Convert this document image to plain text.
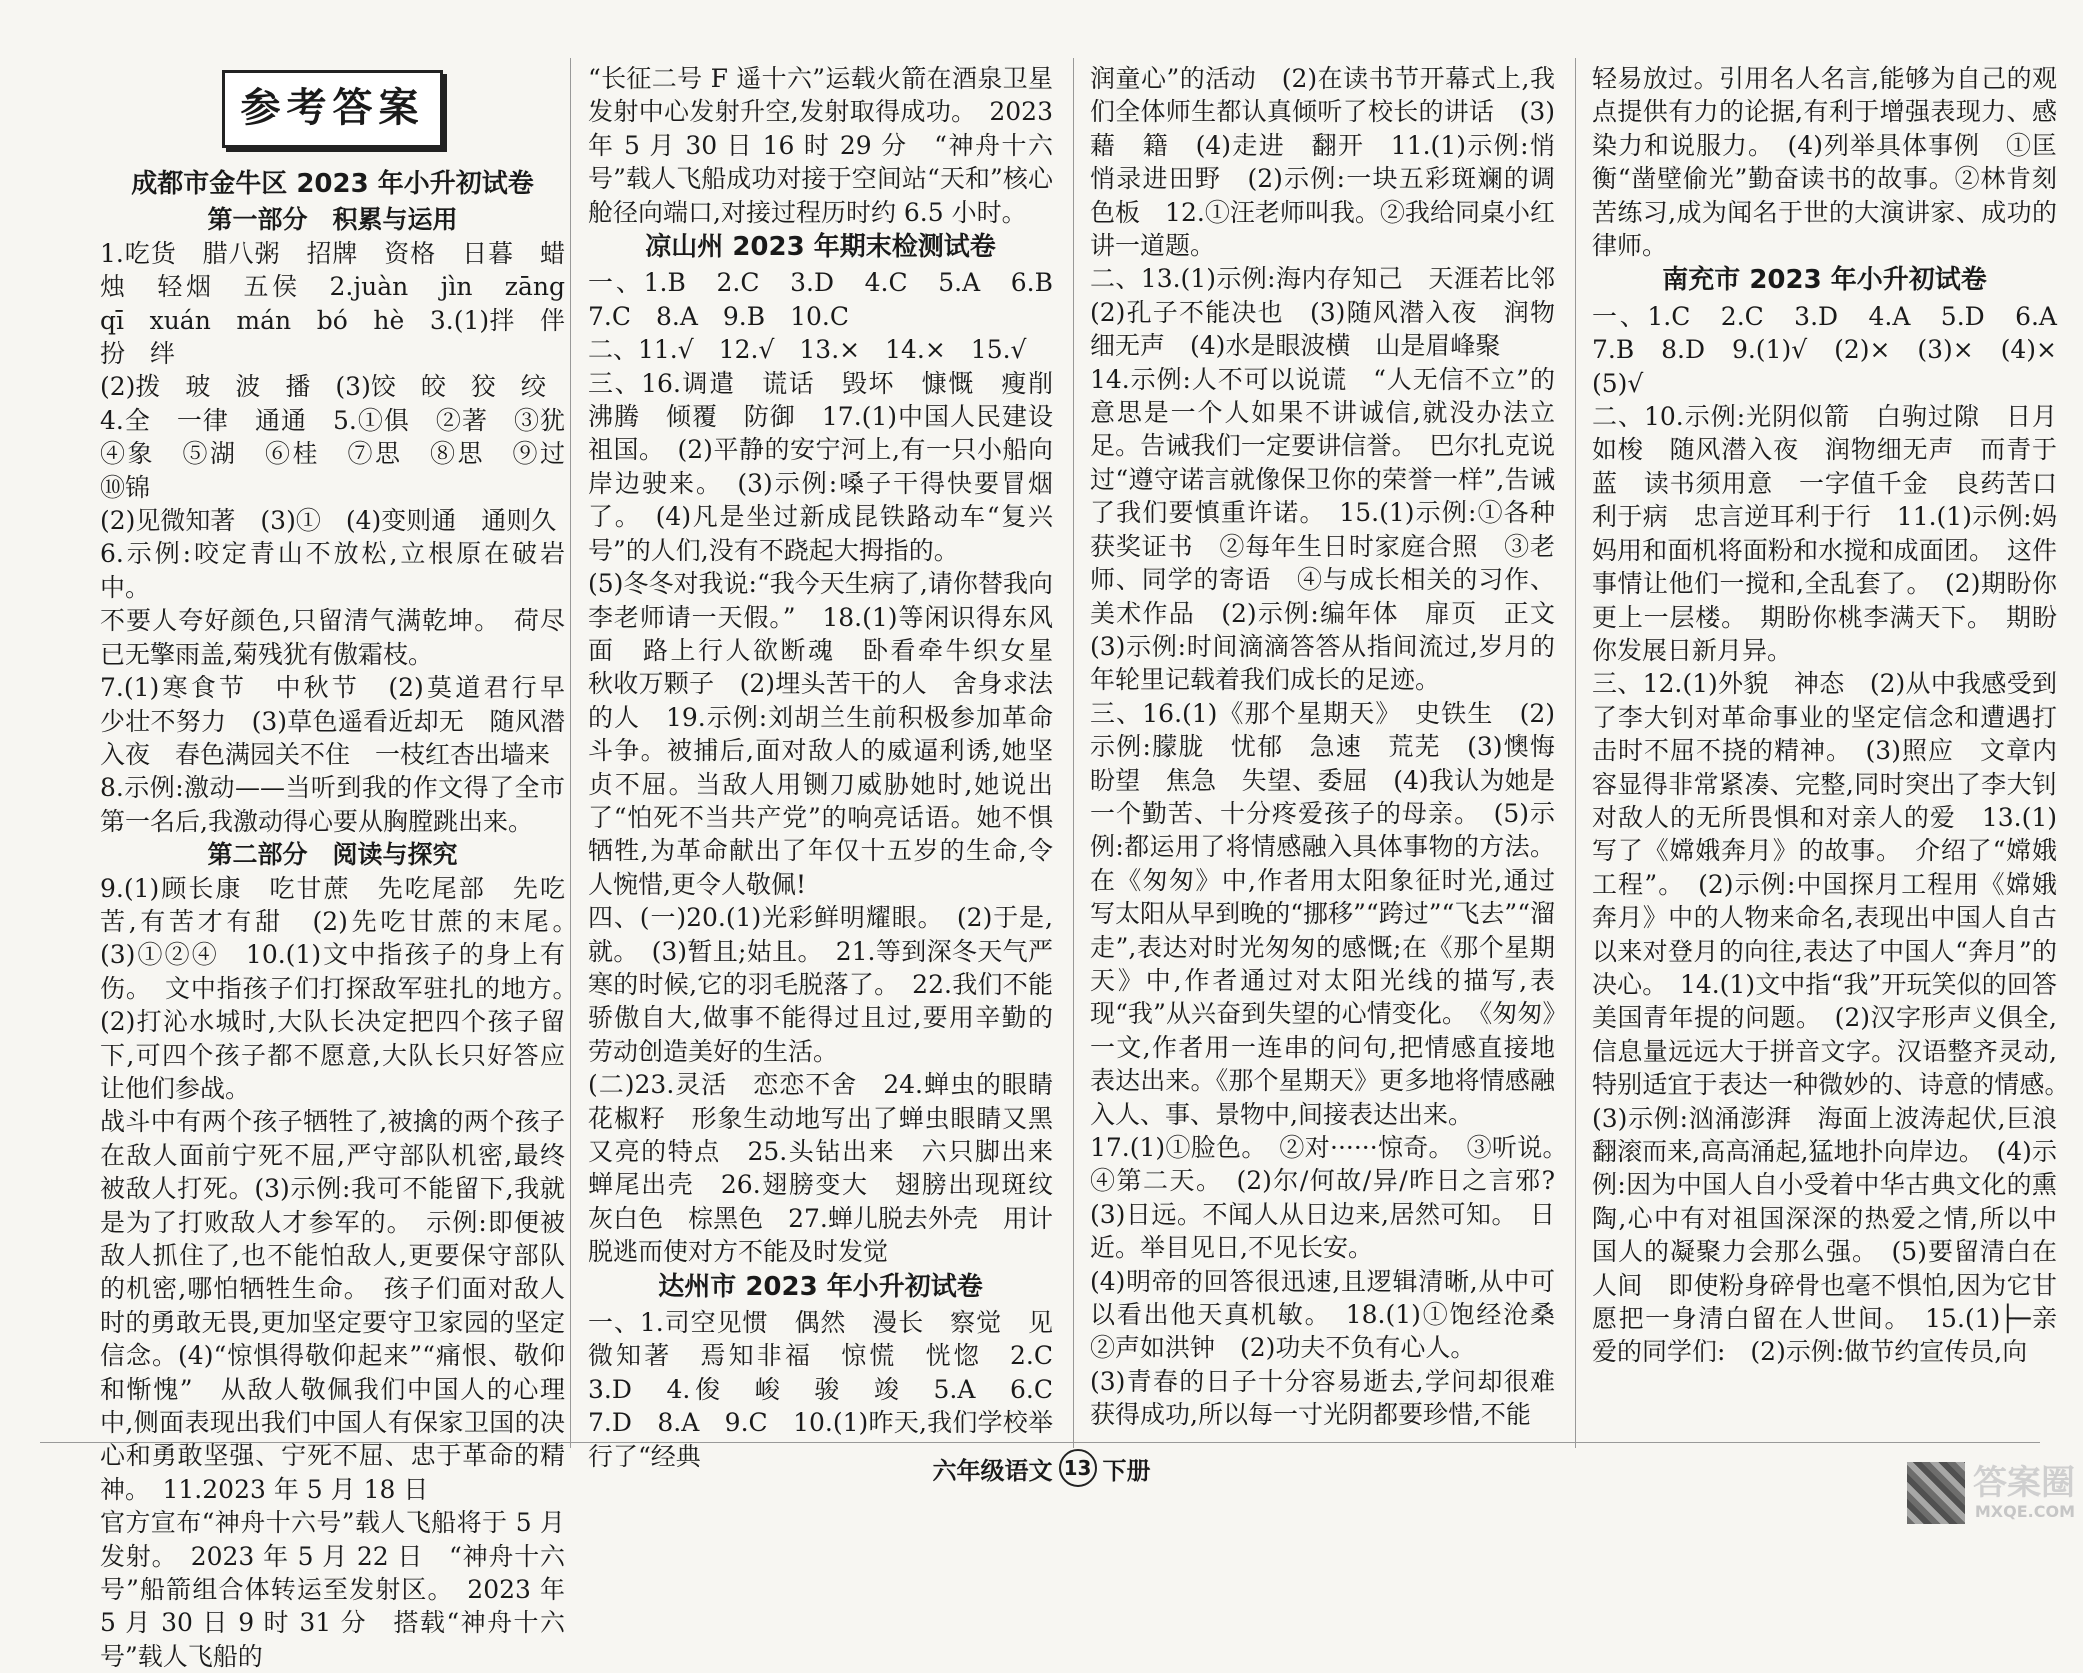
参考答案
成都市金牛区 2023 年小升初试卷
第一部分　积累与运用

1.吃货　腊八粥　招牌　资格　日暮　蜡烛　轻烟　五侯　2.juàn　jìn　zāng　qī　xuán　mán　bó　hè　3.(1)拌　伴　扮　绊

(2)拨　玻　波　播　(3)饺　皎　狡　绞

4.全　一律　通通　5.①俱　②著　③犹　④象　⑤湖　⑥桂　⑦思　⑧思　⑨过　⑩锦

(2)见微知著　(3)①　(4)变则通　通则久

6.示例:咬定青山不放松,立根原在破岩中。

不要人夸好颜色,只留清气满乾坤。　荷尽已无擎雨盖,菊残犹有傲霜枝。

7.(1)寒食节　中秋节　(2)莫道君行早　少壮不努力　(3)草色遥看近却无　随风潜入夜　春色满园关不住　一枝红杏出墙来

8.示例:激动——当听到我的作文得了全市第一名后,我激动得心要从胸膛跳出来。

第二部分　阅读与探究

9.(1)顾长康　吃甘蔗　先吃尾部　先吃苦,有苦才有甜　(2)先吃甘蔗的末尾。　(3)①②④　10.(1)文中指孩子的身上有伤。　文中指孩子们打探敌军驻扎的地方。　(2)打沁水城时,大队长决定把四个孩子留下,可四个孩子都不愿意,大队长只好答应让他们参战。

战斗中有两个孩子牺牲了,被擒的两个孩子在敌人面前宁死不屈,严守部队机密,最终被敌人打死。(3)示例:我可不能留下,我就是为了打败敌人才参军的。　示例:即便被敌人抓住了,也不能怕敌人,更要保守部队的机密,哪怕牺牲生命。　孩子们面对敌人时的勇敢无畏,更加坚定要守卫家园的坚定信念。(4)“惊惧得敬仰起来”“痛恨、敬仰和惭愧”　从敌人敬佩我们中国人的心理中,侧面表现出我们中国人有保家卫国的决心和勇敢坚强、宁死不屈、忠于革命的精神。　11.2023 年 5 月 18 日

官方宣布“神舟十六号”载人飞船将于 5 月发射。　2023 年 5 月 22 日　“神舟十六号”船箭组合体转运至发射区。　2023 年 5 月 30 日 9 时 31 分　搭载“神舟十六号”载人飞船的

“长征二号 F 遥十六”运载火箭在酒泉卫星发射中心发射升空,发射取得成功。　2023 年 5 月 30 日 16 时 29 分　“神舟十六号”载人飞船成功对接于空间站“天和”核心舱径向端口,对接过程历时约 6.5 小时。

凉山州 2023 年期末检测试卷

一、1.B　2.C　3.D　4.C　5.A　6.B　7.C　8.A　9.B　10.C

二、11.√　12.√　13.×　14.×　15.√

三、16.调遣　谎话　毁坏　慷慨　瘦削　沸腾　倾覆　防御　17.(1)中国人民建设祖国。　(2)平静的安宁河上,有一只小船向岸边驶来。　(3)示例:嗓子干得快要冒烟了。　(4)凡是坐过新成昆铁路动车“复兴号”的人们,没有不跷起大拇指的。

(5)冬冬对我说:“我今天生病了,请你替我向李老师请一天假。”　18.(1)等闲识得东风面　路上行人欲断魂　卧看牵牛织女星　秋收万颗子　(2)埋头苦干的人　舍身求法的人　19.示例:刘胡兰生前积极参加革命斗争。被捕后,面对敌人的威逼利诱,她坚贞不屈。当敌人用铡刀威胁她时,她说出了“怕死不当共产党”的响亮话语。她不惧牺牲,为革命献出了年仅十五岁的生命,令人惋惜,更令人敬佩!

四、(一)20.(1)光彩鲜明耀眼。　(2)于是,就。　(3)暂且;姑且。　21.等到深冬天气严寒的时候,它的羽毛脱落了。　22.我们不能骄傲自大,做事不能得过且过,要用辛勤的劳动创造美好的生活。

(二)23.灵活　恋恋不舍　24.蝉虫的眼睛花椒籽　形象生动地写出了蝉虫眼睛又黑又亮的特点　25.头钻出来　六只脚出来　蝉尾出壳　26.翅膀变大　翅膀出现斑纹　灰白色　棕黑色　27.蝉儿脱去外壳　用计脱逃而使对方不能及时发觉

达州市 2023 年小升初试卷

一、1.司空见惯　偶然　漫长　察觉　见微知著　焉知非福　惊慌　恍惚　2.C　3.D　4.俊　峻　骏　竣　5.A　6.C　7.D　8.A　9.C　10.(1)昨天,我们学校举行了“经典

润童心”的活动　(2)在读书节开幕式上,我们全体师生都认真倾听了校长的讲话　(3)藉　籍　(4)走进　翻开　11.(1)示例:悄悄录进田野　(2)示例:一块五彩斑斓的调色板　12.①汪老师叫我。②我给同桌小红讲一道题。

二、13.(1)示例:海内存知己　天涯若比邻　(2)孔子不能决也　(3)随风潜入夜　润物细无声　(4)水是眼波横　山是眉峰聚

14.示例:人不可以说谎　“人无信不立”的意思是一个人如果不讲诚信,就没办法立足。告诫我们一定要讲信誉。　巴尔扎克说过“遵守诺言就像保卫你的荣誉一样”,告诫了我们要慎重许诺。　15.(1)示例:①各种获奖证书　②每年生日时家庭合照　③老师、同学的寄语　④与成长相关的习作、美术作品　(2)示例:编年体　扉页　正文　(3)示例:时间滴滴答答从指间流过,岁月的年轮里记载着我们成长的足迹。

三、16.(1)《那个星期天》　史铁生　(2)示例:朦胧　忧郁　急速　荒芜　(3)懊悔　盼望　焦急　失望、委屈　(4)我认为她是一个勤苦、十分疼爱孩子的母亲。　(5)示例:都运用了将情感融入具体事物的方法。在《匆匆》中,作者用太阳象征时光,通过写太阳从早到晚的“挪移”“跨过”“飞去”“溜走”,表达对时光匆匆的感慨;在《那个星期天》中,作者通过对太阳光线的描写,表现“我”从兴奋到失望的心情变化。　《匆匆》一文,作者用一连串的问句,把情感直接地表达出来。《那个星期天》更多地将情感融入人、事、景物中,间接表达出来。

17.(1)①脸色。　②对······惊奇。　③听说。　④第二天。　(2)尔/何故/异/昨日之言邪?　(3)日远。不闻人从日边来,居然可知。　日近。举目见日,不见长安。

(4)明帝的回答很迅速,且逻辑清晰,从中可以看出他天真机敏。　18.(1)①饱经沧桑　②声如洪钟　(2)功夫不负有心人。

(3)青春的日子十分容易逝去,学问却很难获得成功,所以每一寸光阴都要珍惜,不能

轻易放过。引用名人名言,能够为自己的观点提供有力的论据,有利于增强表现力、感染力和说服力。　(4)列举具体事例　①匡衡“凿壁偷光”勤奋读书的故事。②林肯刻苦练习,成为闻名于世的大演讲家、成功的律师。

南充市 2023 年小升初试卷

一、1.C　2.C　3.D　4.A　5.D　6.A　7.B　8.D　9.(1)√　(2)×　(3)×　(4)×　(5)√

二、10.示例:光阴似箭　白驹过隙　日月如梭　随风潜入夜　润物细无声　而青于蓝　读书须用意　一字值千金　良药苦口利于病　忠言逆耳利于行　11.(1)示例:妈妈用和面机将面粉和水搅和成面团。　这件事情让他们一搅和,全乱套了。　(2)期盼你更上一层楼。　期盼你桃李满天下。　期盼你发展日新月异。

三、12.(1)外貌　神态　(2)从中我感受到了李大钊对革命事业的坚定信念和遭遇打击时不屈不挠的精神。　(3)照应　文章内容显得非常紧凑、完整,同时突出了李大钊对敌人的无所畏惧和对亲人的爱　13.(1)写了《嫦娥奔月》的故事。　介绍了“嫦娥工程”。　(2)示例:中国探月工程用《嫦娥奔月》中的人物来命名,表现出中国人自古以来对登月的向往,表达了中国人“奔月”的决心。　14.(1)文中指“我”开玩笑似的回答美国青年提的问题。　(2)汉字形声义俱全,信息量远远大于拼音文字。汉语整齐灵动,特别适宜于表达一种微妙的、诗意的情感。　(3)示例:汹涌澎湃　海面上波涛起伏,巨浪翻滚而来,高高涌起,猛地扑向岸边。　(4)示例:因为中国人自小受着中华古典文化的熏陶,心中有对祖国深深的热爱之情,所以中国人的凝聚力会那么强。　(5)要留清白在人间　即使粉身碎骨也毫不惧怕,因为它甘愿把一身清白留在人世间。　15.(1)├─亲爱的同学们:　(2)示例:做节约宣传员,向

六年级语文 13 下册	答案圈
MXQE.COM
